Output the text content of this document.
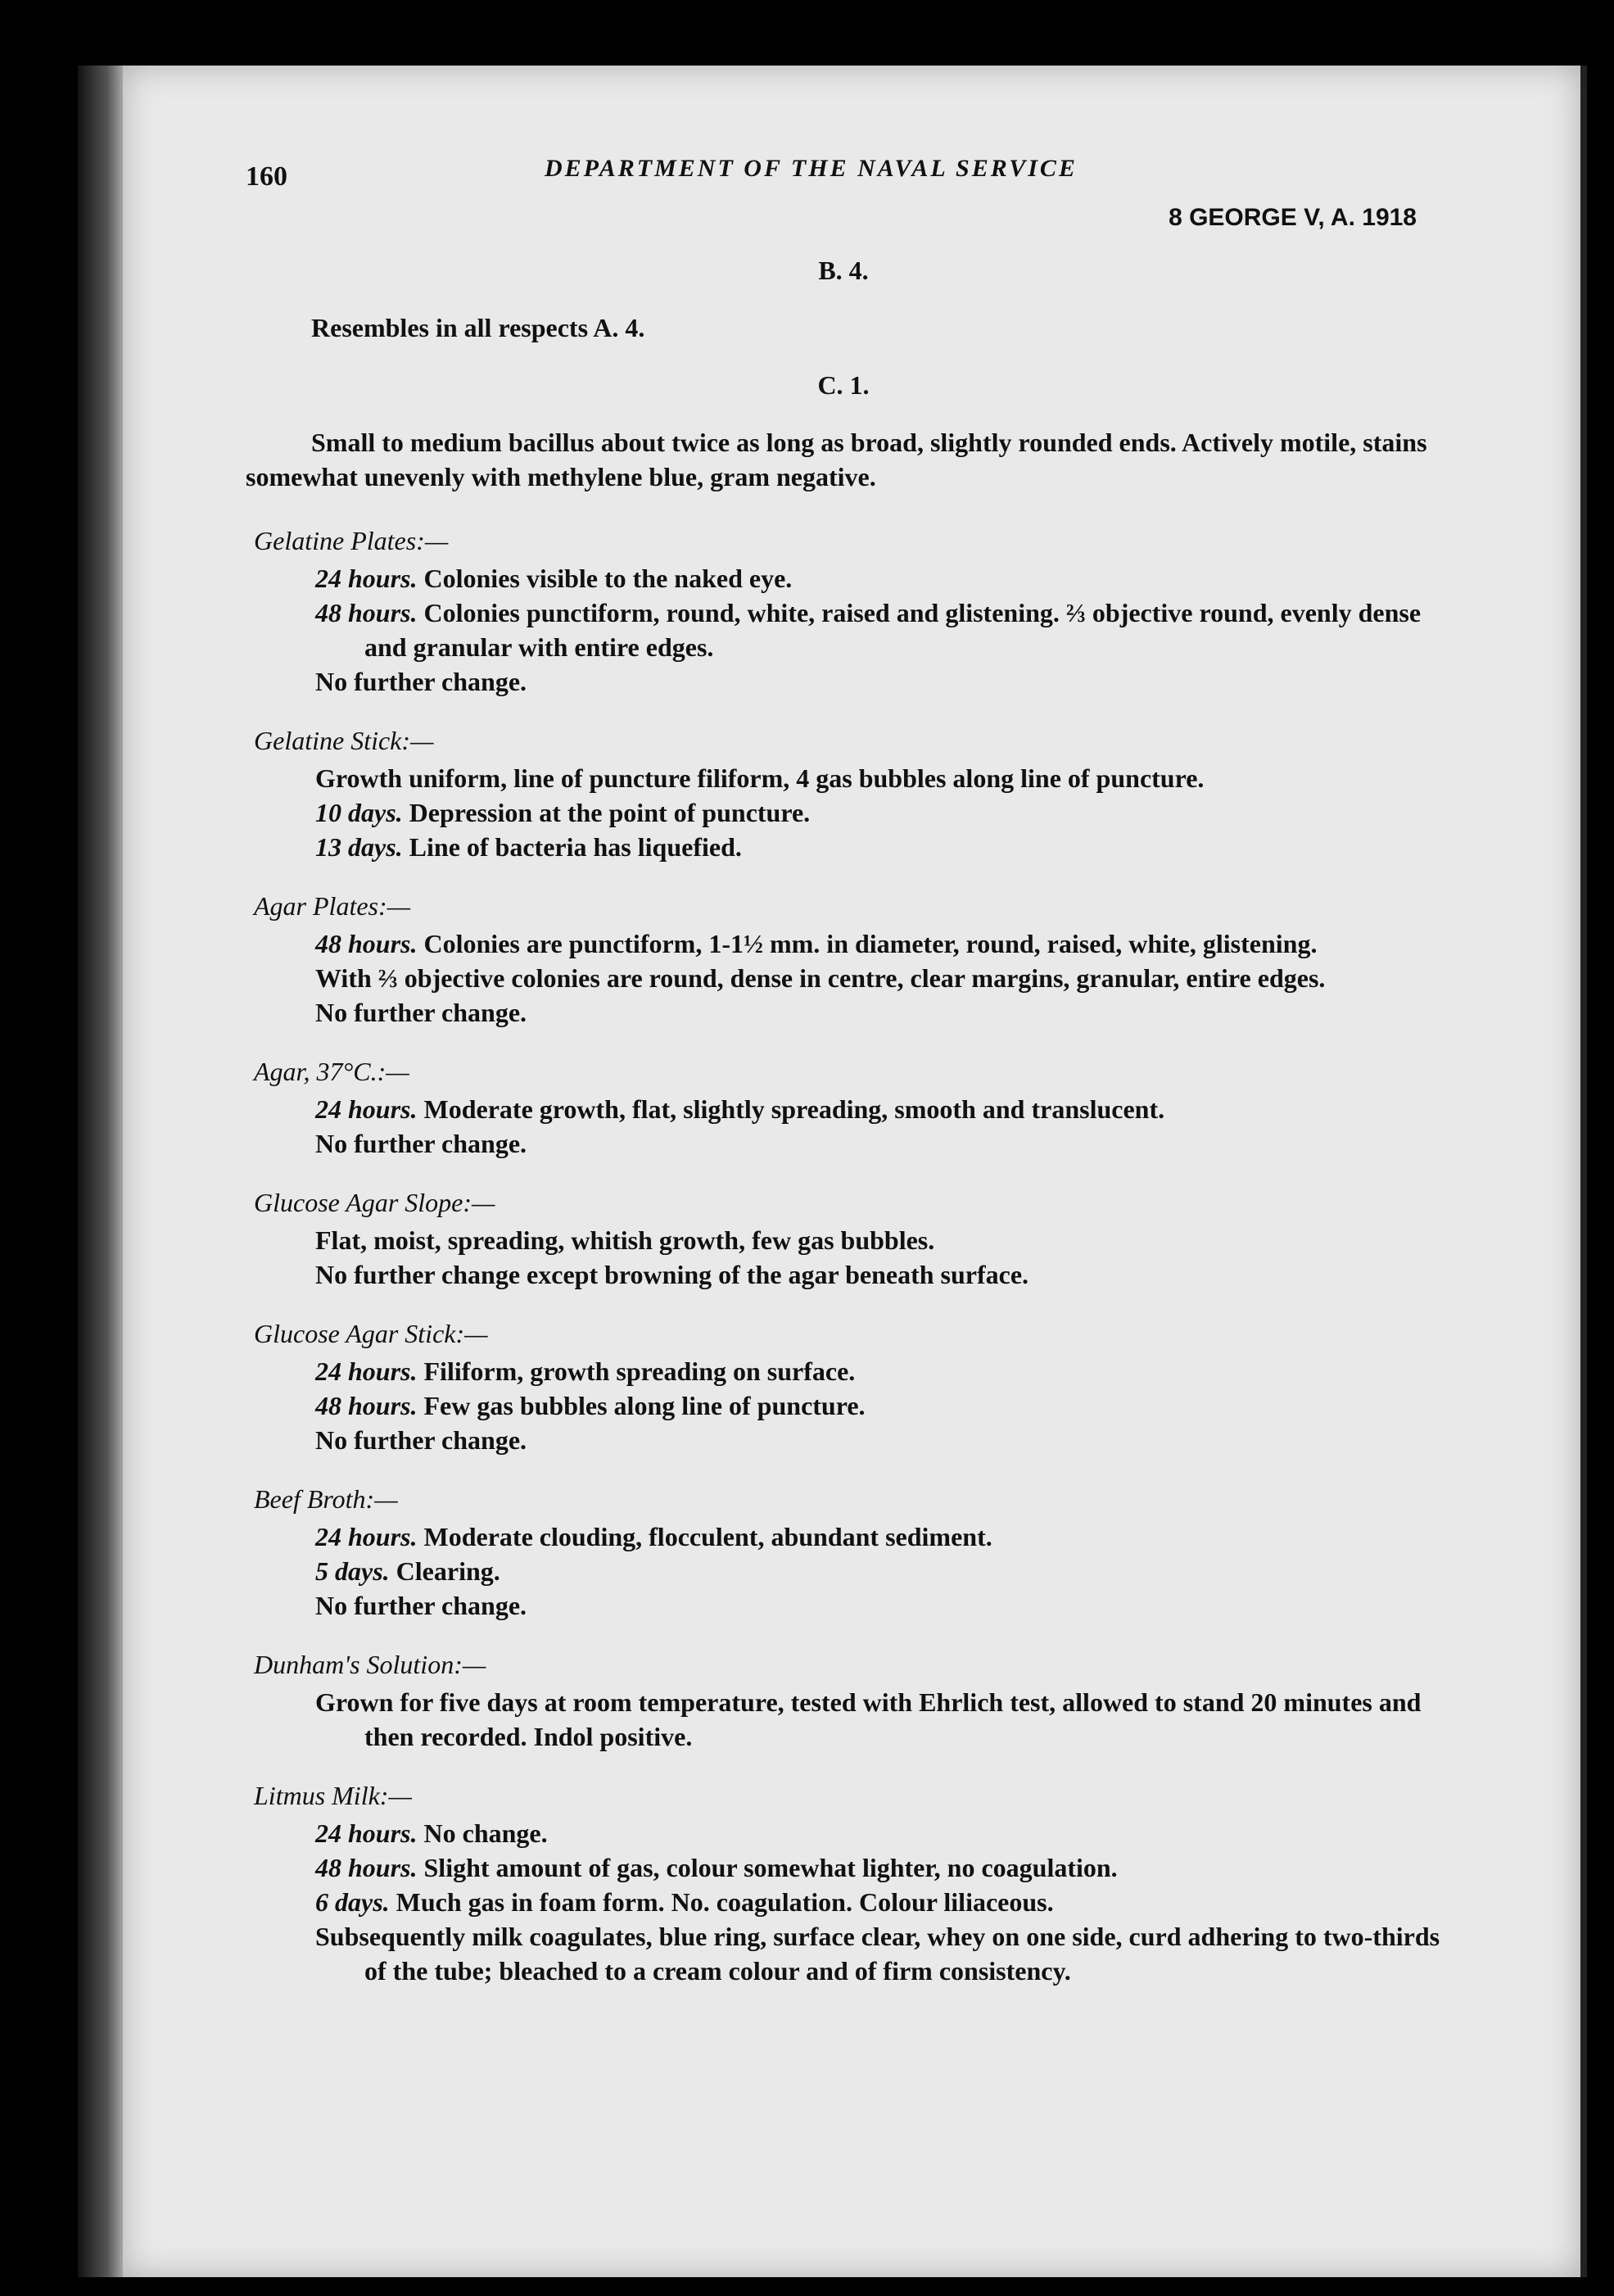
160	DEPARTMENT OF THE NAVAL SERVICE
8 GEORGE V, A. 1918
B. 4.
Resembles in all respects A. 4.
C. 1.
Small to medium bacillus about twice as long as broad, slightly rounded ends. Actively motile, stains somewhat unevenly with methylene blue, gram negative.
Gelatine Plates:—
24 hours. Colonies visible to the naked eye.
48 hours. Colonies punctiform, round, white, raised and glistening. ⅔ objective round, evenly dense and granular with entire edges.
No further change.
Gelatine Stick:—
Growth uniform, line of puncture filiform, 4 gas bubbles along line of puncture.
10 days. Depression at the point of puncture.
13 days. Line of bacteria has liquefied.
Agar Plates:—
48 hours. Colonies are punctiform, 1-1½ mm. in diameter, round, raised, white, glistening.
With ⅔ objective colonies are round, dense in centre, clear margins, granular, entire edges.
No further change.
Agar, 37°C.:—
24 hours. Moderate growth, flat, slightly spreading, smooth and translucent.
No further change.
Glucose Agar Slope:—
Flat, moist, spreading, whitish growth, few gas bubbles.
No further change except browning of the agar beneath surface.
Glucose Agar Stick:—
24 hours. Filiform, growth spreading on surface.
48 hours. Few gas bubbles along line of puncture.
No further change.
Beef Broth:—
24 hours. Moderate clouding, flocculent, abundant sediment.
5 days. Clearing.
No further change.
Dunham's Solution:—
Grown for five days at room temperature, tested with Ehrlich test, allowed to stand 20 minutes and then recorded. Indol positive.
Litmus Milk:—
24 hours. No change.
48 hours. Slight amount of gas, colour somewhat lighter, no coagulation.
6 days. Much gas in foam form. No. coagulation. Colour liliaceous.
Subsequently milk coagulates, blue ring, surface clear, whey on one side, curd adhering to two-thirds of the tube; bleached to a cream colour and of firm consistency.
